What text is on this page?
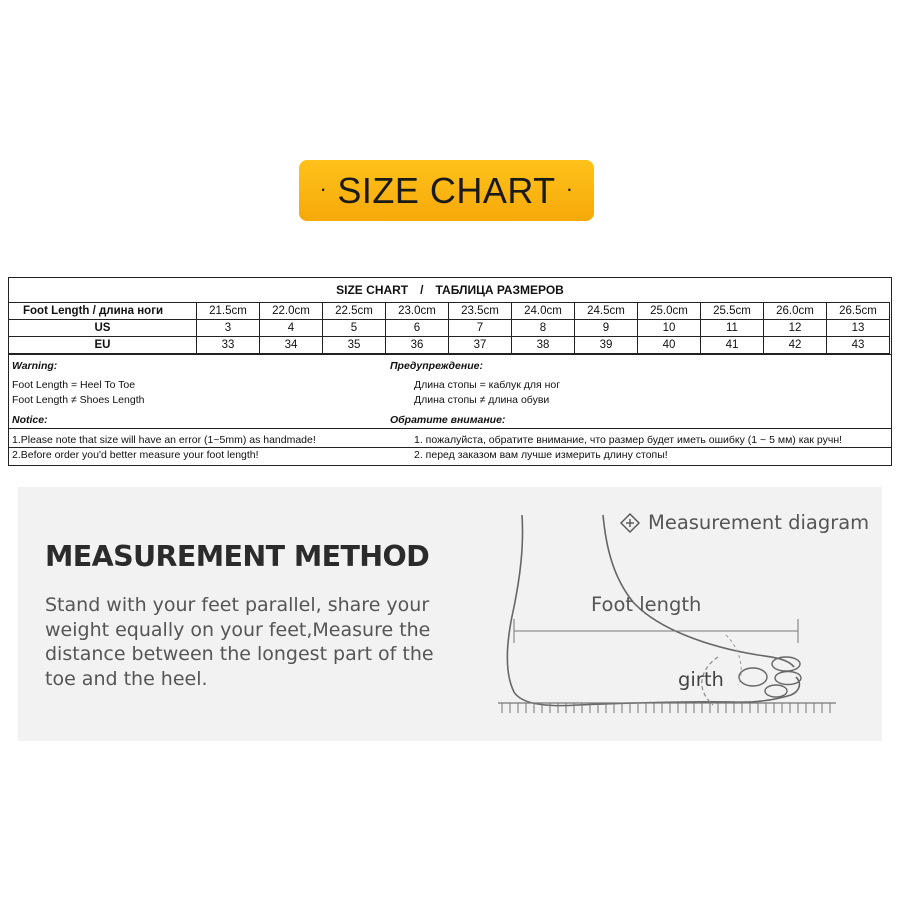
· SIZE CHART ·
SIZE CHART / ТАБЛИЦА РАЗМЕРОВ
Foot Length / длина ноги	21.5cm	22.0cm	22.5cm	23.0cm	23.5cm	24.0cm	24.5cm	25.0cm	25.5cm	26.0cm	26.5cm
US	3	4	5	6	7	8	9	10	11	12	13
EU	33	34	35	36	37	38	39	40	41	42	43
Warning:
Foot Length = Heel To Toe
Foot Length ≠ Shoes Length
Notice:
1.Please note that size will have an error (1~5mm) as handmade!
2.Before order you'd better measure your foot length!
Предупреждение:
Длина стопы = каблук для ног
Длина стопы ≠ длина обуви
Обратите внимание:
1. пожалуйста, обратите внимание, что размер будет иметь ошибку (1 ~ 5 мм) как ручн!
2. перед заказом вам лучше измерить длину стопы!
MEASUREMENT METHOD
Stand with your feet parallel, share your weight equally on your feet,Measure the distance between the longest part of the toe and the heel.
Measurement diagram
Foot length
girth
